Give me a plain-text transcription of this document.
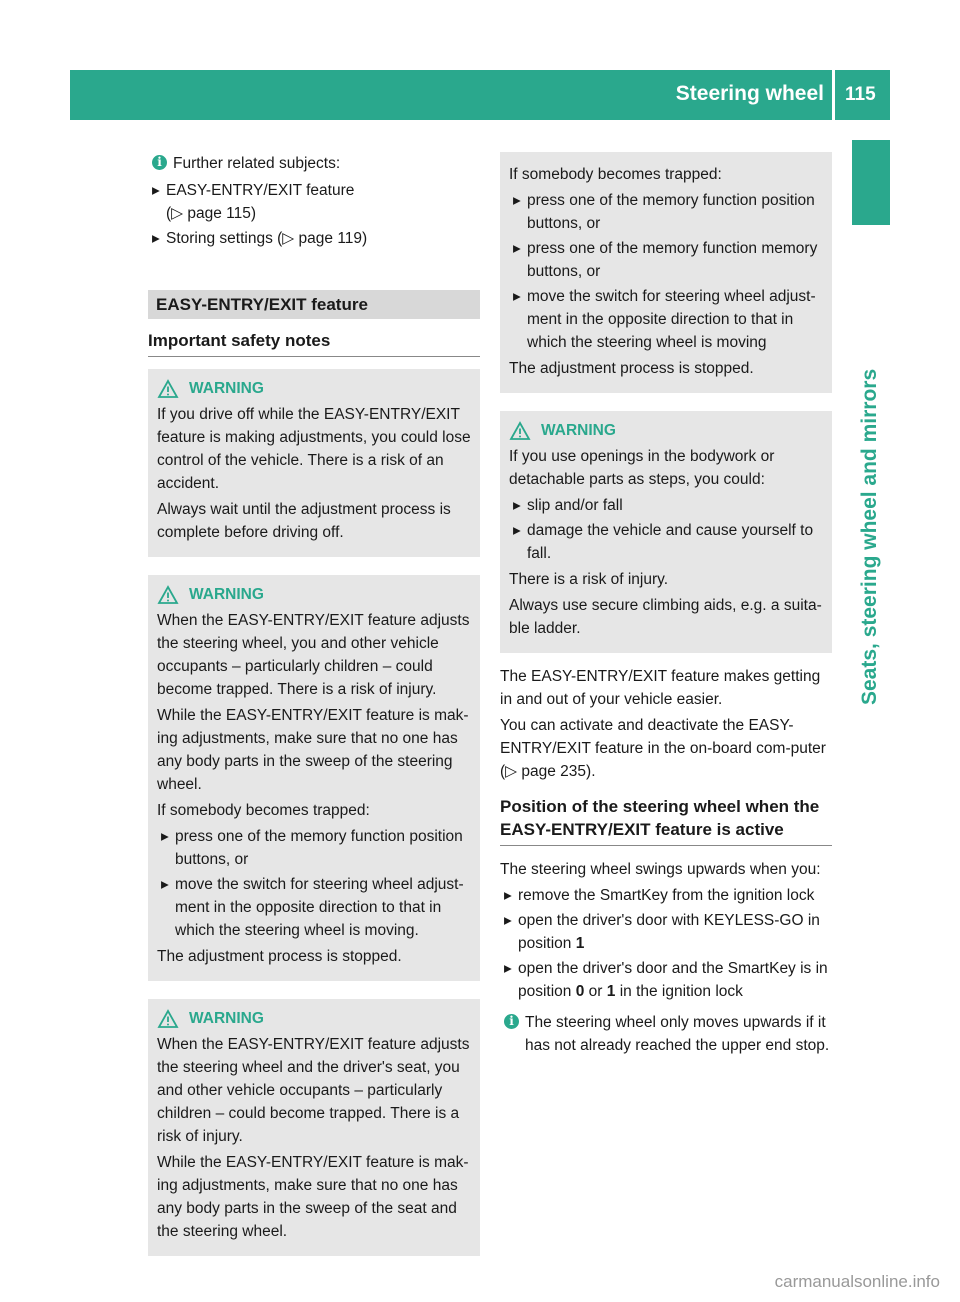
Steering wheel 115
Seats, steering wheel and mirrors
i Further related subjects:
▸ EASY-ENTRY/EXIT feature
(▷ page 115)
▸ Storing settings (▷ page 119)
EASY-ENTRY/EXIT feature
Important safety notes
WARNING

If you drive off while the EASY-ENTRY/EXIT feature is making adjustments, you could lose control of the vehicle. There is a risk of an accident.

Always wait until the adjustment process is complete before driving off.

WARNING

When the EASY-ENTRY/EXIT feature adjusts the steering wheel, you and other vehicle occupants – particularly children – could become trapped. There is a risk of injury.

While the EASY-ENTRY/EXIT feature is mak-ing adjustments, make sure that no one has any body parts in the sweep of the steering wheel.

If somebody becomes trapped:

▸ press one of the memory function position buttons, or
▸ move the switch for steering wheel adjust-ment in the opposite direction to that in which the steering wheel is moving.

The adjustment process is stopped.

WARNING

When the EASY-ENTRY/EXIT feature adjusts the steering wheel and the driver's seat, you and other vehicle occupants – particularly children – could become trapped. There is a risk of injury.

While the EASY-ENTRY/EXIT feature is mak-ing adjustments, make sure that no one has any body parts in the sweep of the seat and the steering wheel.

If somebody becomes trapped:

▸ press one of the memory function position buttons, or
▸ press one of the memory function memory buttons, or
▸ move the switch for steering wheel adjust-ment in the opposite direction to that in which the steering wheel is moving

The adjustment process is stopped.

WARNING

If you use openings in the bodywork or detachable parts as steps, you could:

▸ slip and/or fall
▸ damage the vehicle and cause yourself to fall.

There is a risk of injury.

Always use secure climbing aids, e.g. a suita-ble ladder.

The EASY-ENTRY/EXIT feature makes getting in and out of your vehicle easier.

You can activate and deactivate the EASY-ENTRY/EXIT feature in the on-board com-puter (▷ page 235).

Position of the steering wheel when the EASY-ENTRY/EXIT feature is active

The steering wheel swings upwards when you:

▸ remove the SmartKey from the ignition lock
▸ open the driver's door with KEYLESS-GO in position 1
▸ open the driver's door and the SmartKey is in position 0 or 1 in the ignition lock
i The steering wheel only moves upwards if it has not already reached the upper end stop.
carmanualsonline.info
